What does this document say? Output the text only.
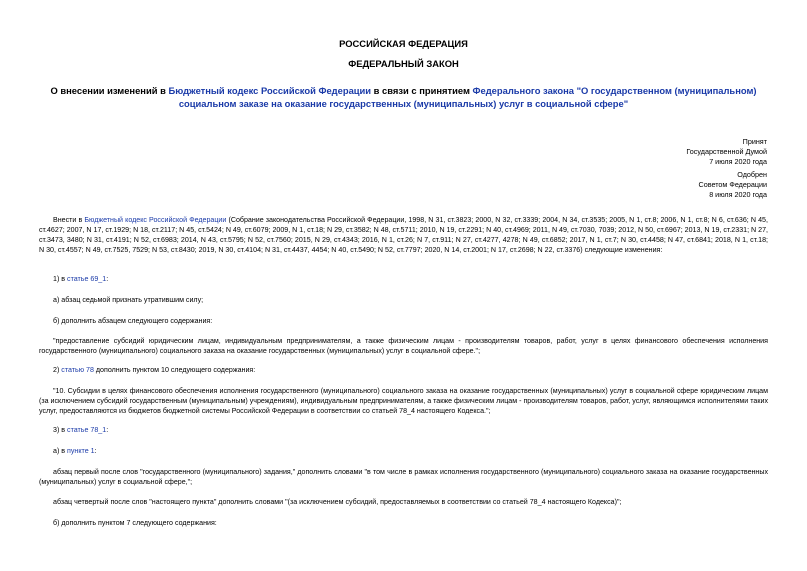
РОССИЙСКАЯ ФЕДЕРАЦИЯ
ФЕДЕРАЛЬНЫЙ ЗАКОН
О внесении изменений в Бюджетный кодекс Российской Федерации в связи с принятием Федерального закона "О государственном (муниципальном) социальном заказе на оказание государственных (муниципальных) услуг в социальной сфере"
Принят
Государственной Думой
7 июля 2020 года
Одобрен
Советом Федерации
8 июля 2020 года
Внести в Бюджетный кодекс Российской Федерации (Собрание законодательства Российской Федерации, 1998, N 31, ст.3823; 2000, N 32, ст.3339; 2004, N 34, ст.3535; 2005, N 1, ст.8; 2006, N 1, ст.8; N 6, ст.636; N 45, ст.4627; 2007, N 17, ст.1929; N 18, ст.2117; N 45, ст.5424; N 49, ст.6079; 2009, N 1, ст.18; N 29, ст.3582; N 48, ст.5711; 2010, N 19, ст.2291; N 40, ст.4969; 2011, N 49, ст.7030, 7039; 2012, N 50, ст.6967; 2013, N 19, ст.2331; N 27, ст.3473, 3480; N 31, ст.4191; N 52, ст.6983; 2014, N 43, ст.5795; N 52, ст.7560; 2015, N 29, ст.4343; 2016, N 1, ст.26; N 7, ст.911; N 27, ст.4277, 4278; N 49, ст.6852; 2017, N 1, ст.7; N 30, ст.4458; N 47, ст.6841; 2018, N 1, ст.18; N 30, ст.4557; N 49, ст.7525, 7529; N 53, ст.8430; 2019, N 30, ст.4104; N 31, ст.4437, 4454; N 40, ст.5490; N 52, ст.7797; 2020, N 14, ст.2001; N 17, ст.2698; N 22, ст.3376) следующие изменения:
1) в статье 69_1:
а) абзац седьмой признать утратившим силу;
б) дополнить абзацем следующего содержания:
"предоставление субсидий юридическим лицам, индивидуальным предпринимателям, а также физическим лицам - производителям товаров, работ, услуг в целях финансового обеспечения исполнения государственного (муниципального) социального заказа на оказание государственных (муниципальных) услуг в социальной сфере.";
2) статью 78 дополнить пунктом 10 следующего содержания:
"10. Субсидии в целях финансового обеспечения исполнения государственного (муниципального) социального заказа на оказание государственных (муниципальных) услуг в социальной сфере юридическим лицам (за исключением субсидий государственным (муниципальным) учреждениям), индивидуальным предпринимателям, а также физическим лицам - производителям товаров, работ, услуг, являющимся исполнителями таких услуг, предоставляются из бюджетов бюджетной системы Российской Федерации в соответствии со статьей 78_4 настоящего Кодекса.";
3) в статье 78_1:
а) в пункте 1:
абзац первый после слов "государственного (муниципального) задания," дополнить словами "в том числе в рамках исполнения государственного (муниципального) социального заказа на оказание государственных (муниципальных) услуг в социальной сфере,";
абзац четвертый после слов "настоящего пункта" дополнить словами "(за исключением субсидий, предоставляемых в соответствии со статьей 78_4 настоящего Кодекса)";
б) дополнить пунктом 7 следующего содержания:
